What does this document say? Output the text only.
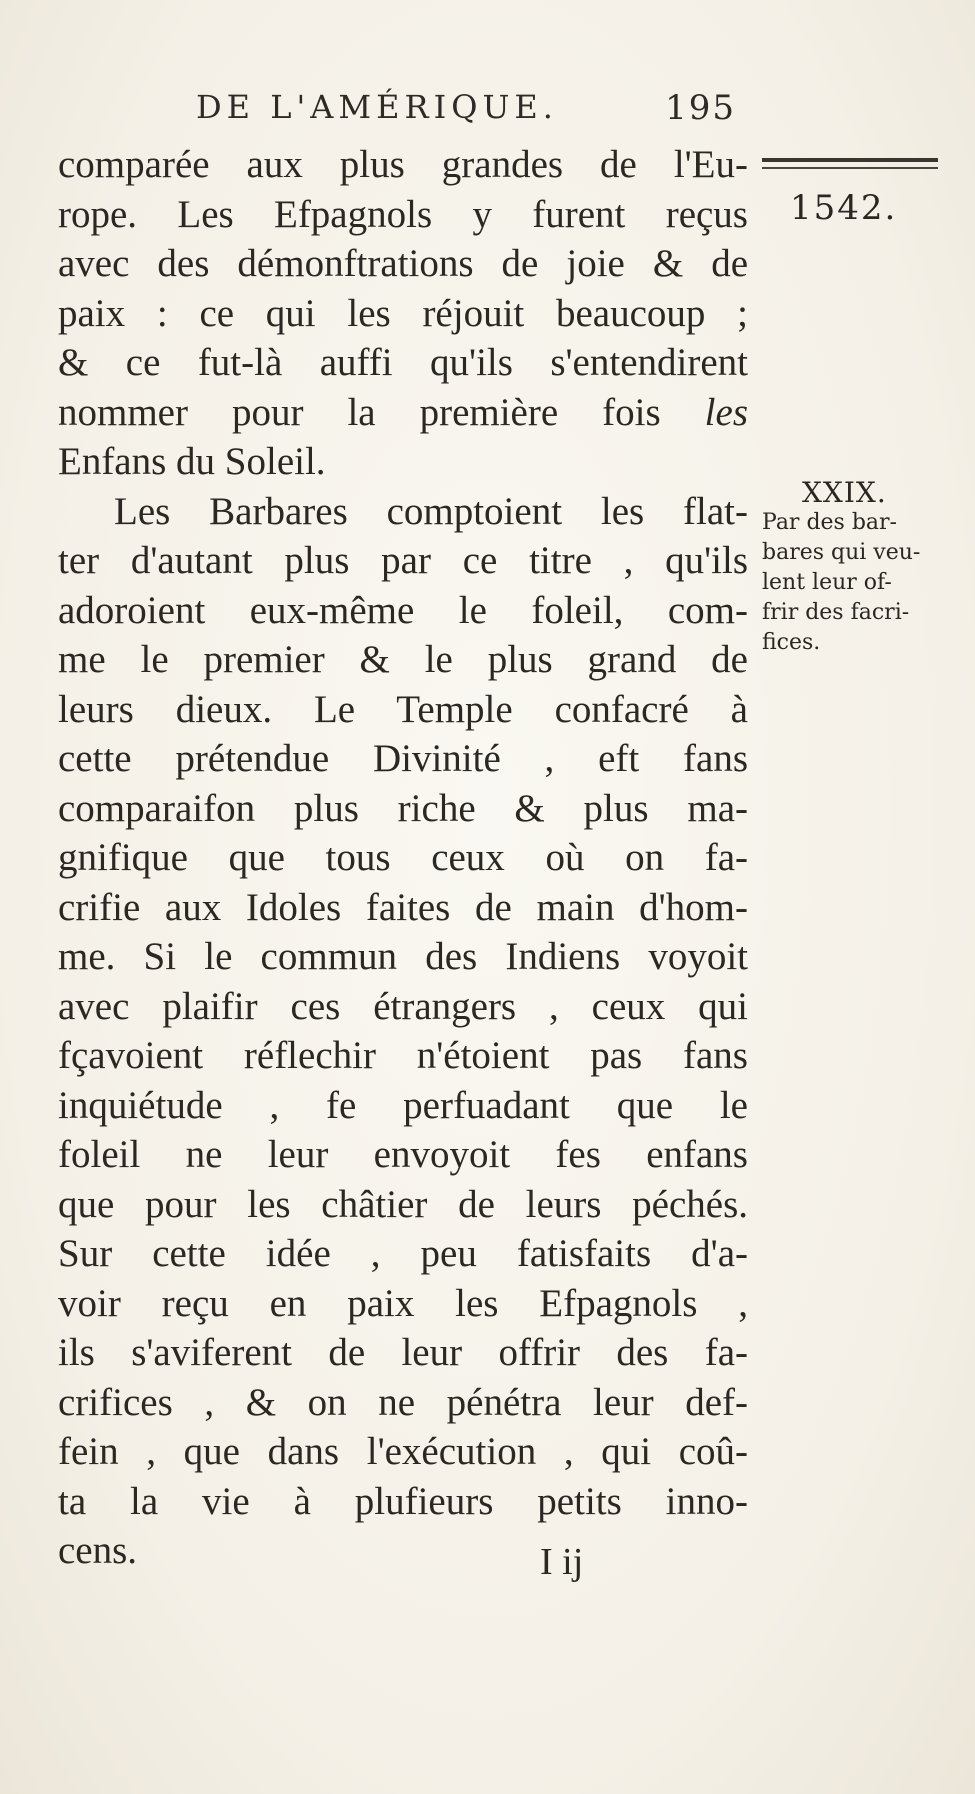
DE L'AMÉRIQUE.	195
1542.
XXIX.
Par des bar-
bares qui veu-
lent leur of-
frir des facri-
fices.
comparée aux plus grandes de l'Eu-
rope. Les Efpagnols y furent reçus
avec des démonftrations de joie & de
paix : ce qui les réjouit beaucoup ;
& ce fut-là auffi qu'ils s'entendirent
nommer pour la première fois les
Enfans du Soleil.
Les Barbares comptoient les flat-
ter d'autant plus par ce titre , qu'ils
adoroient eux-même le foleil, com-
me le premier & le plus grand de
leurs dieux. Le Temple confacré à
cette prétendue Divinité , eft fans
comparaifon plus riche & plus ma-
gnifique que tous ceux où on fa-
crifie aux Idoles faites de main d'hom-
me. Si le commun des Indiens voyoit
avec plaifir ces étrangers , ceux qui
fçavoient réflechir n'étoient pas fans
inquiétude , fe perfuadant que le
foleil ne leur envoyoit fes enfans
que pour les châtier de leurs péchés.
Sur cette idée , peu fatisfaits d'a-
voir reçu en paix les Efpagnols ,
ils s'aviferent de leur offrir des fa-
crifices , & on ne pénétra leur def-
fein , que dans l'exécution , qui coû-
ta la vie à plufieurs petits inno-
cens.	I ij
